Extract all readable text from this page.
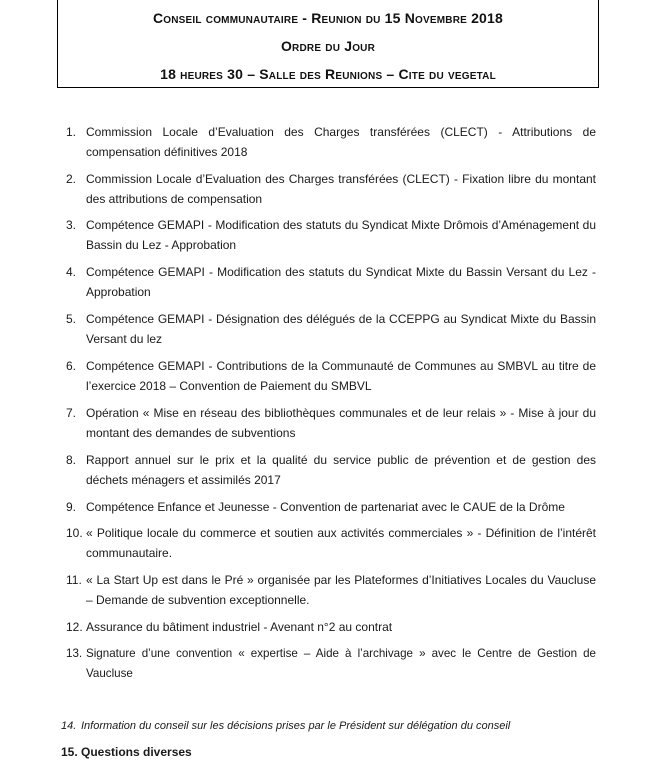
Conseil communautaire - Reunion du 15 Novembre 2018
Ordre du Jour
18 heures 30 – Salle des Reunions – Cite du vegetal
1. Commission Locale d’Evaluation des Charges transférées (CLECT) - Attributions de compensation définitives 2018
2. Commission Locale d’Evaluation des Charges transférées (CLECT) - Fixation libre du montant des attributions de compensation
3. Compétence GEMAPI - Modification des statuts du Syndicat Mixte Drômois d’Aménagement du Bassin du Lez - Approbation
4. Compétence GEMAPI - Modification des statuts du Syndicat Mixte du Bassin Versant du Lez - Approbation
5. Compétence GEMAPI - Désignation des délégués de la CCEPPG au Syndicat Mixte du Bassin Versant du lez
6. Compétence GEMAPI - Contributions de la Communauté de Communes au SMBVL au titre de l’exercice 2018 – Convention de Paiement du SMBVL
7. Opération « Mise en réseau des bibliothèques communales et de leur relais » - Mise à jour du montant des demandes de subventions
8. Rapport annuel sur le prix et la qualité du service public de prévention et de gestion des déchets ménagers et assimilés 2017
9. Compétence Enfance et Jeunesse - Convention de partenariat avec le CAUE de la Drôme
10. « Politique locale du commerce et soutien aux activités commerciales » - Définition de l’intérêt communautaire.
11. « La Start Up est dans le Pré » organisée par les Plateformes d’Initiatives Locales du Vaucluse – Demande de subvention exceptionnelle.
12. Assurance du bâtiment industriel - Avenant n°2 au contrat
13. Signature d’une convention « expertise – Aide à l’archivage » avec le Centre de Gestion de Vaucluse
14. Information du conseil sur les décisions prises par le Président sur délégation du conseil
15. Questions diverses
